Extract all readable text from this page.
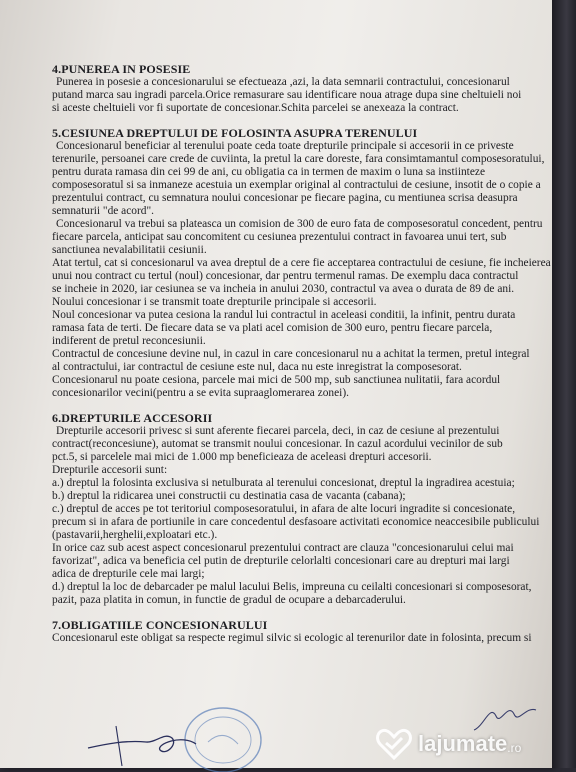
4.PUNEREA IN POSESIE

Punerea in posesie a concesionarului se efectueaza ,azi, la data semnarii contractului, concesionarul

putand marca sau ingradi parcela.Orice remasurare sau identificare noua atrage dupa sine cheltuieli noi

si aceste cheltuieli vor fi suportate de concesionar.Schita parcelei se anexeaza la contract.

5.CESIUNEA DREPTULUI DE FOLOSINTA ASUPRA TERENULUI

Concesionarul beneficiar al terenului poate ceda toate drepturile principale si accesorii in ce priveste

terenurile, persoanei care crede de cuviinta, la pretul la care doreste, fara consimtamantul composesoratului,

pentru durata ramasa din cei 99 de ani, cu obligatia ca in termen de maxim o luna sa instiinteze

composesoratul si sa inmaneze acestuia un exemplar original al contractului de cesiune, insotit de o copie a

prezentului contract, cu semnatura noului concesionar pe fiecare pagina, cu mentiunea scrisa deasupra

semnaturii "de acord".

Concesionarul va trebui sa plateasca un comision de 300 de euro fata de composesoratul concedent, pentru

fiecare parcela, anticipat sau concomitent cu cesiunea prezentului contract in favoarea unui tert, sub

sanctiunea nevalabilitatii cesiunii.

Atat tertul, cat si concesionarul va avea dreptul de a cere fie acceptarea contractului de cesiune, fie incheierea

unui nou contract cu tertul (noul) concesionar, dar pentru termenul ramas. De exemplu daca contractul

se incheie in 2020, iar cesiunea se va incheia in anului 2030, contractul va avea o durata de 89 de ani.

Noului concesionar i se transmit toate drepturile principale si accesorii.

Noul concesionar va putea cesiona la randul lui contractul in aceleasi conditii, la infinit, pentru durata

ramasa fata de terti. De fiecare data se va plati acel comision de 300 euro, pentru fiecare parcela,

indiferent de pretul reconcesiunii.

Contractul de concesiune devine nul, in cazul in care concesionarul nu a achitat la termen, pretul integral

al contractului, iar contractul de cesiune este nul, daca nu este inregistrat la composesorat.

Concesionarul nu poate cesiona, parcele mai mici de 500 mp, sub sanctiunea nulitatii, fara acordul

concesionarilor vecini(pentru a se evita supraaglomerarea zonei).

6.DREPTURILE ACCESORII

Drepturile accesorii privesc si sunt aferente fiecarei parcela, deci, in caz de cesiune al prezentului

contract(reconcesiune), automat se transmit noului concesionar. In cazul acordului vecinilor de sub

pct.5, si parcelele mai mici de 1.000 mp beneficieaza de aceleasi drepturi accesorii.

Drepturile accesorii sunt:

a.) dreptul la folosinta exclusiva si netulburata al terenului concesionat, dreptul la ingradirea acestuia;

b.) dreptul la ridicarea unei constructii cu destinatia casa de vacanta (cabana);

c.) dreptul de acces pe tot teritoriul composesoratului, in afara de alte locuri ingradite si concesionate,

precum si in afara de portiunile in care concedentul desfasoare activitati economice neaccesibile publicului

(pastavarii,herghelii,exploatari etc.).

In orice caz sub acest aspect concesionarul prezentului contract are clauza "concesionarului celui mai

favorizat", adica va beneficia cel putin de drepturile celorlalti concesionari care au drepturi mai largi

adica de drepturile cele mai largi;

d.) dreptul la loc de debarcader pe malul lacului Belis, impreuna cu ceilalti concesionari si composesorat,

pazit, paza platita in comun, in functie de gradul de ocupare a debarcaderului.

7.OBLIGATIILE CONCESIONARULUI

Concesionarul este obligat sa respecte regimul silvic si ecologic al terenurilor date in folosinta, precum si

lajumate .ro
